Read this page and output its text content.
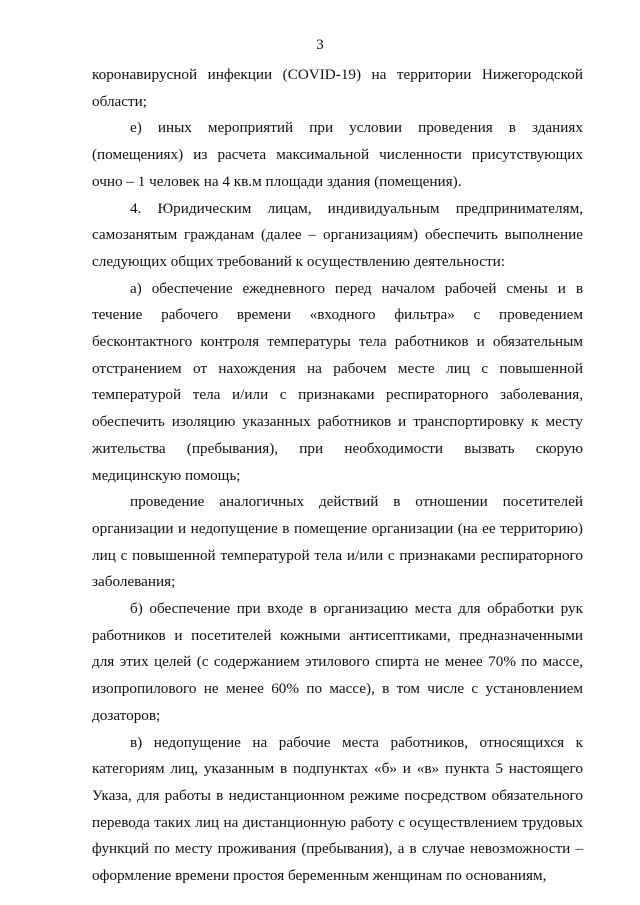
3

коронавирусной инфекции (COVID-19) на территории Нижегородской области;

е) иных мероприятий при условии проведения в зданиях (помещениях) из расчета максимальной численности присутствующих очно – 1 человек на 4 кв.м площади здания (помещения).

4. Юридическим лицам, индивидуальным предпринимателям, самозанятым гражданам (далее – организациям) обеспечить выполнение следующих общих требований к осуществлению деятельности:

а) обеспечение ежедневного перед началом рабочей смены и в течение рабочего времени «входного фильтра» с проведением бесконтактного контроля температуры тела работников и обязательным отстранением от нахождения на рабочем месте лиц с повышенной температурой тела и/или с признаками респираторного заболевания, обеспечить изоляцию указанных работников и транспортировку к месту жительства (пребывания), при необходимости вызвать скорую медицинскую помощь;

проведение аналогичных действий в отношении посетителей организации и недопущение в помещение организации (на ее территорию) лиц с повышенной температурой тела и/или с признаками респираторного заболевания;

б) обеспечение при входе в организацию места для обработки рук работников и посетителей кожными антисептиками, предназначенными для этих целей (с содержанием этилового спирта не менее 70% по массе, изопропилового не менее 60% по массе), в том числе с установлением дозаторов;

в) недопущение на рабочие места работников, относящихся к категориям лиц, указанным в подпунктах «б» и «в» пункта 5 настоящего Указа, для работы в недистанционном режиме посредством обязательного перевода таких лиц на дистанционную работу с осуществлением трудовых функций по месту проживания (пребывания), а в случае невозможности – оформление времени простоя беременным женщинам по основаниям,
